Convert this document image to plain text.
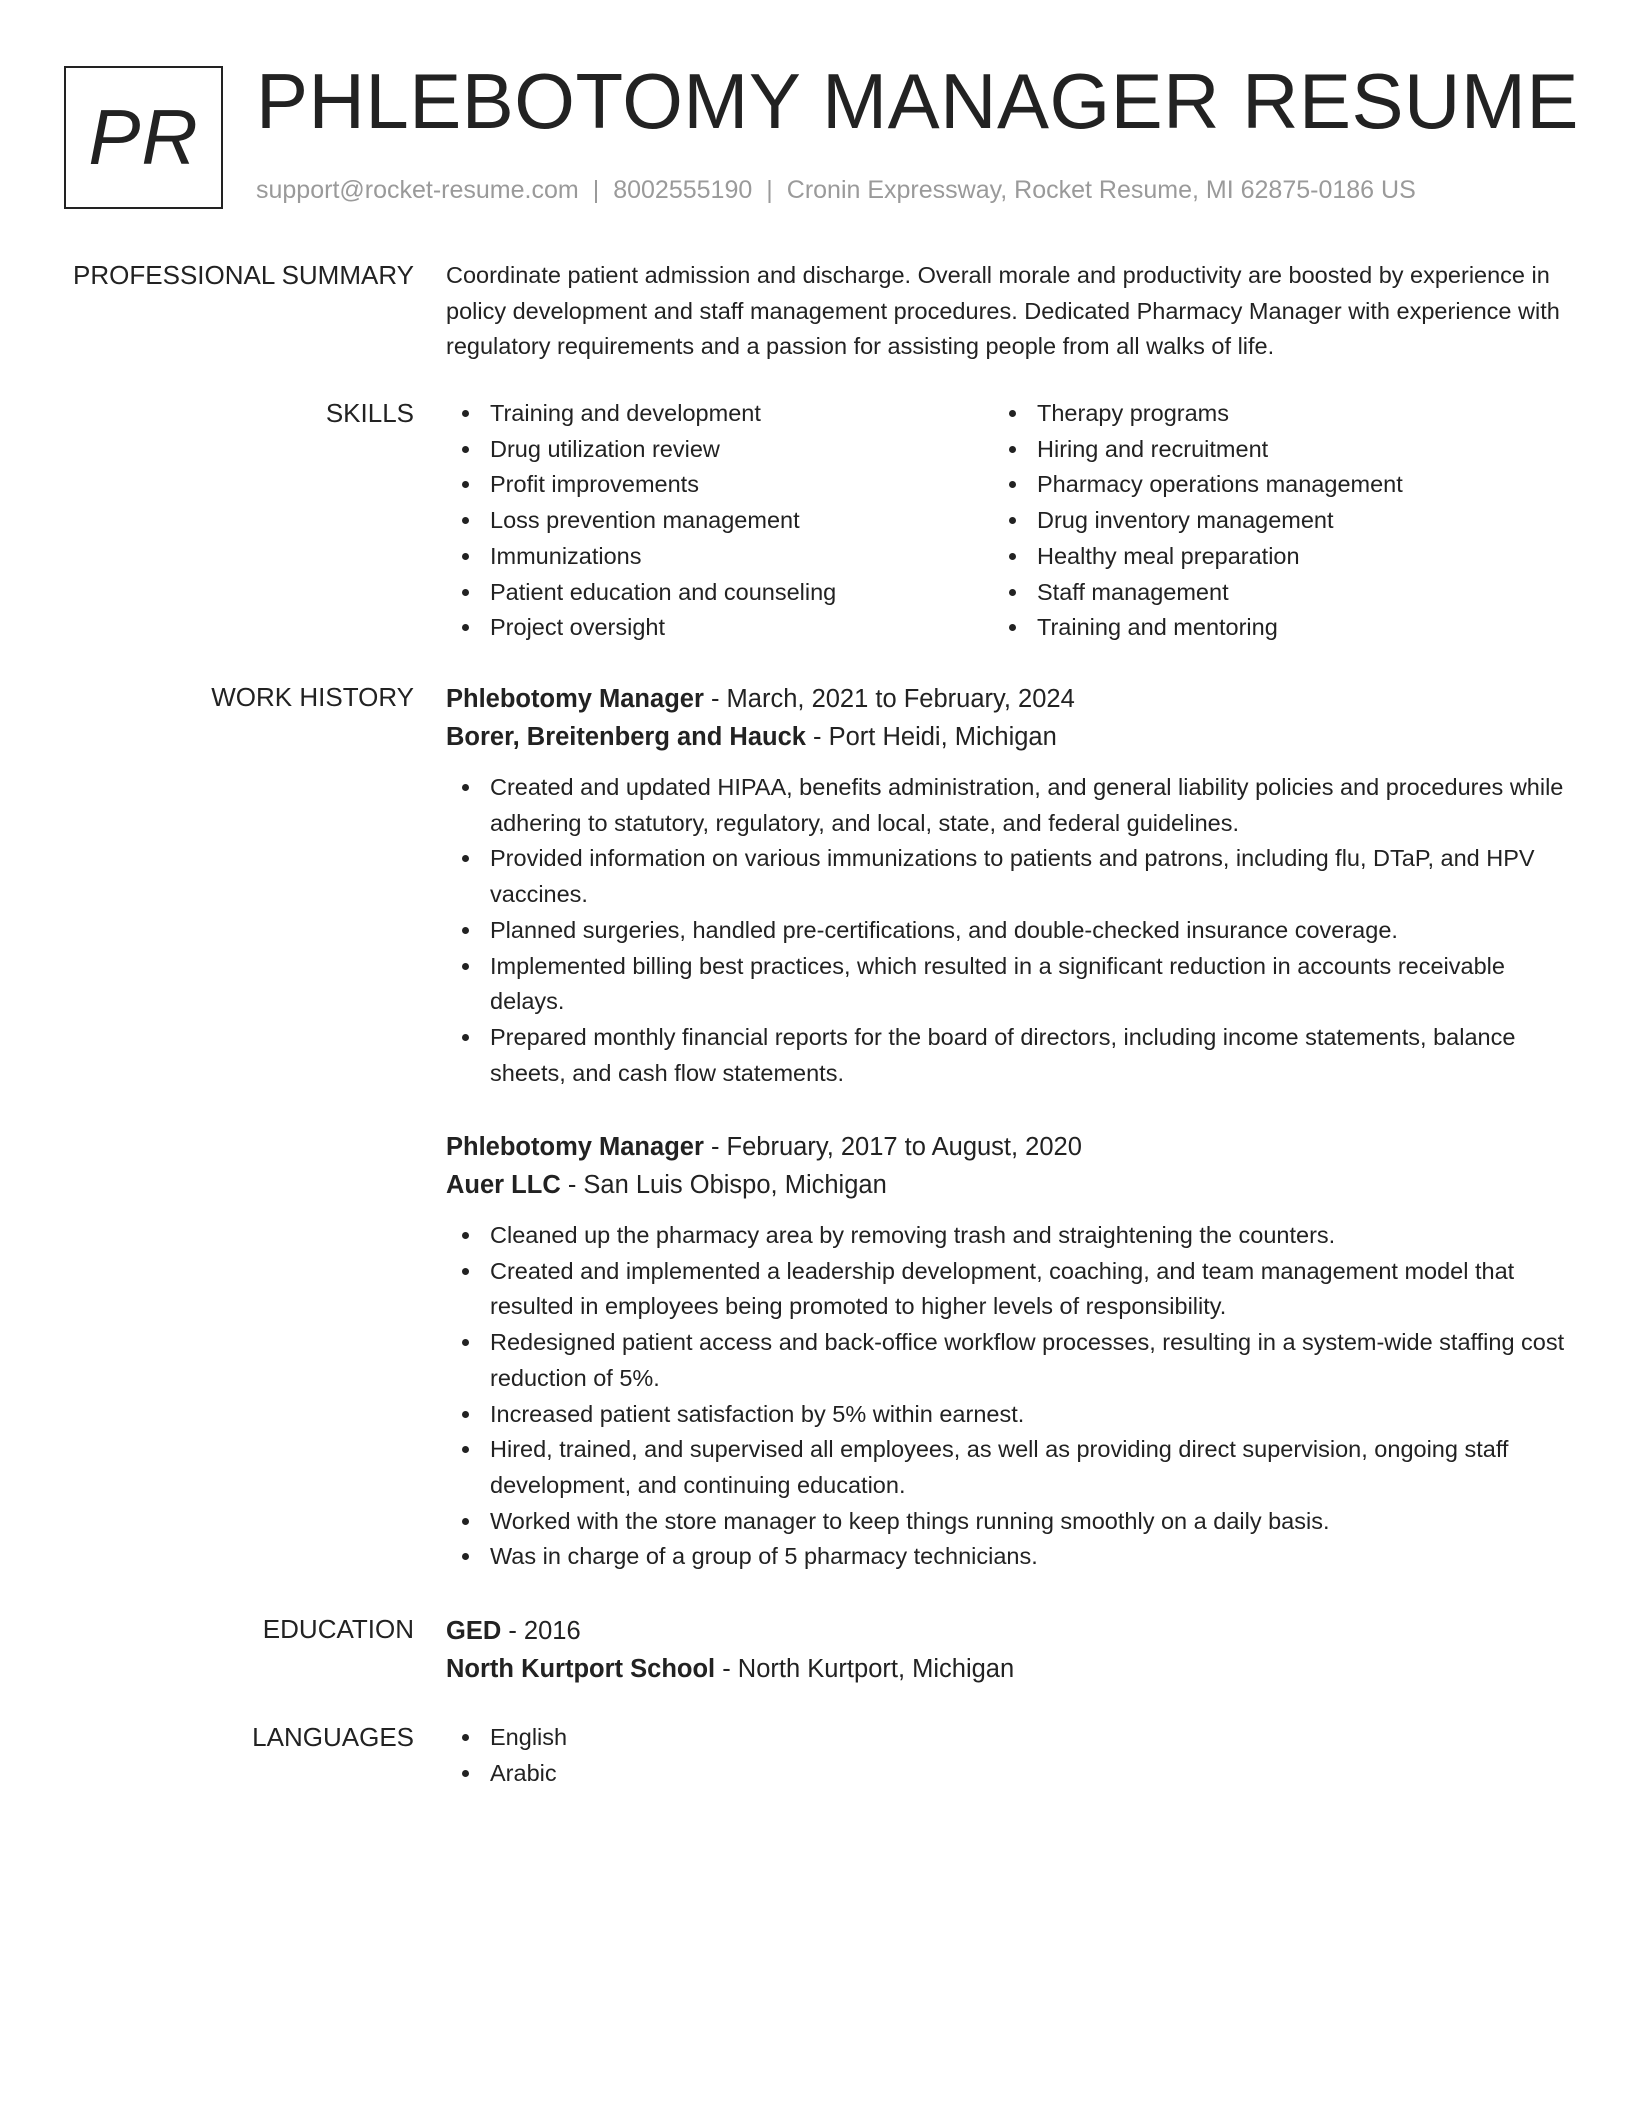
PR PHLEBOTOMY MANAGER RESUME
support@rocket-resume.com | 8002555190 | Cronin Expressway, Rocket Resume, MI 62875-0186 US
PROFESSIONAL SUMMARY Coordinate patient admission and discharge. Overall morale and productivity are boosted by experience in policy development and staff management procedures. Dedicated Pharmacy Manager with experience with regulatory requirements and a passion for assisting people from all walks of life.

SKILLS	Training and development
Drug utilization review
Profit improvements
Loss prevention management
Immunizations
Patient education and counseling
Project oversight
Therapy programs
Hiring and recruitment
Pharmacy operations management
Drug inventory management
Healthy meal preparation
Staff management
Training and mentoring
WORK HISTORY Phlebotomy Manager - March, 2021 to February, 2024
Borer, Breitenberg and Hauck - Port Heidi, Michigan
Created and updated HIPAA, benefits administration, and general liability policies and procedures while adhering to statutory, regulatory, and local, state, and federal guidelines.
Provided information on various immunizations to patients and patrons, including flu, DTaP, and HPV vaccines.
Planned surgeries, handled pre-certifications, and double-checked insurance coverage.
Implemented billing best practices, which resulted in a significant reduction in accounts receivable delays.
Prepared monthly financial reports for the board of directors, including income statements, balance sheets, and cash flow statements.
Phlebotomy Manager - February, 2017 to August, 2020
Auer LLC - San Luis Obispo, Michigan
Cleaned up the pharmacy area by removing trash and straightening the counters.
Created and implemented a leadership development, coaching, and team management model that resulted in employees being promoted to higher levels of responsibility.
Redesigned patient access and back-office workflow processes, resulting in a system-wide staffing cost reduction of 5%.
Increased patient satisfaction by 5% within earnest.
Hired, trained, and supervised all employees, as well as providing direct supervision, ongoing staff development, and continuing education.
Worked with the store manager to keep things running smoothly on a daily basis.
Was in charge of a group of 5 pharmacy technicians.
EDUCATION GED - 2016
North Kurtport School - North Kurtport, Michigan
LANGUAGES	English
Arabic
